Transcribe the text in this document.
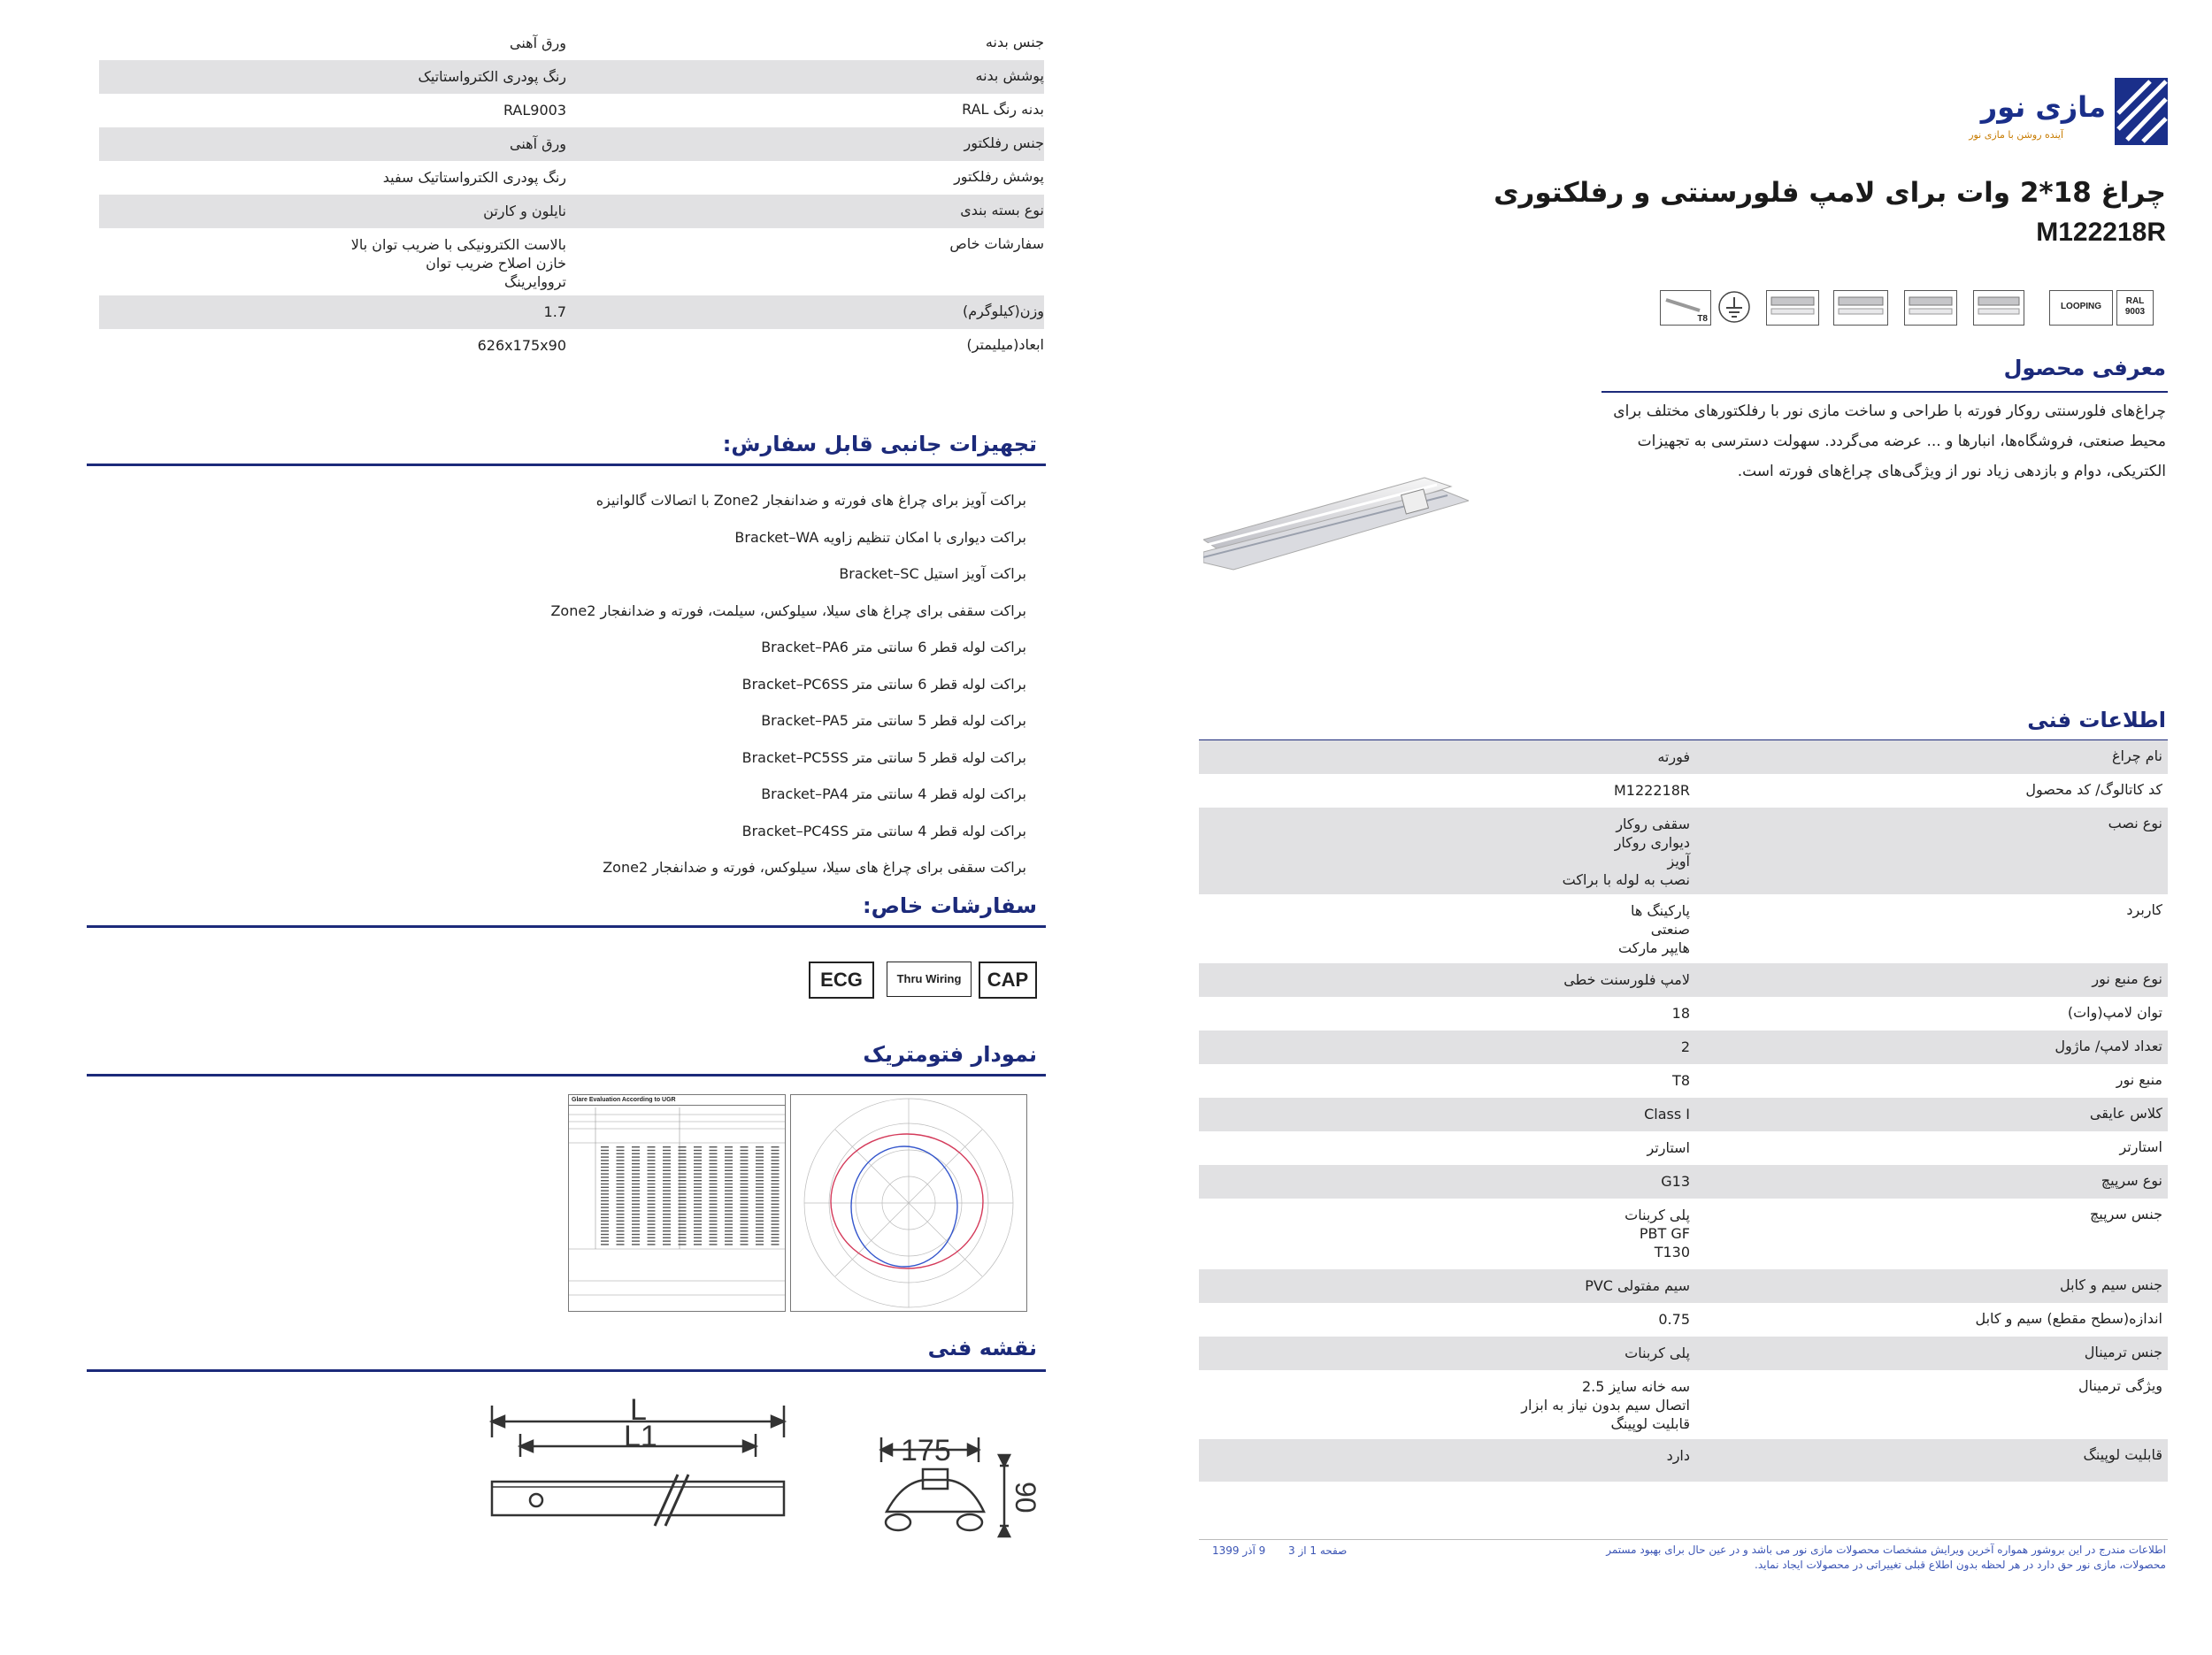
جنس بدنه
ورق آهنی
پوشش بدنه
رنگ پودری الکترواستاتیک
بدنه رنگ RAL
RAL9003
جنس رفلکتور
ورق آهنی
پوشش رفلکتور
رنگ پودری الکترواستاتیک سفید
نوع بسته بندی
نایلون و کارتن
سفارشات خاص
بالاست الکترونیکی با ضریب توان بالا
خازن اصلاح ضریب توان
ترووایرینگ
وزن(کیلوگرم)
1.7
ابعاد(میلیمتر)
626x175x90
تجهیزات جانبی قابل سفارش:
براکت آویز برای چراغ های فورته و ضدانفجار Zone2 با اتصالات گالوانیزه
براکت دیواری با امکان تنظیم زاویه Bracket–WA
براکت آویز استیل Bracket–SC
براکت سقفی برای چراغ های سیلا، سیلوکس، سیلمت، فورته و ضدانفجار Zone2
براکت لوله قطر 6 سانتی متر Bracket–PA6
براکت لوله قطر 6 سانتی متر Bracket–PC6SS
براکت لوله قطر 5 سانتی متر Bracket–PA5
براکت لوله قطر 5 سانتی متر Bracket–PC5SS
براکت لوله قطر 4 سانتی متر Bracket–PA4
براکت لوله قطر 4 سانتی متر Bracket–PC4SS
براکت سقفی برای چراغ های سیلا، سیلوکس، فورته و ضدانفجار Zone2
سفارشات خاص:
CAP
Thru Wiring
ECG
نمودار فتومتریک
Glare Evaluation According to UGR
نقشه فنی
L
L1	175
90
مازی نور
آینده روشن با مازی نور
چراغ 18*2 وات برای لامپ فلورسنتی و رفلکتوری
M122218R
RAL
9003
LOOPING
T8
معرفی محصول
چراغ‌های فلورسنتی روکار فورته با طراحی و ساخت مازی نور با رفلکتورهای مختلف برای
محیط صنعتی، فروشگاه‌ها، انبارها و ... عرضه می‌گردد. سهولت دسترسی به تجهیزات
الکتریکی، دوام و بازدهی زیاد نور از ویژگی‌های چراغ‌های فورته است.
اطلاعات فنی
نام چراغ
فورته
کد کاتالوگ/ کد محصول
M122218R
نوع نصب
سقفی روکار
دیواری روکار
آویز
نصب به لوله با براکت
کاربرد
پارکینگ ها
صنعتی
هایپر مارکت
نوع منبع نور
لامپ فلورسنت خطی
توان لامپ(وات)
18
تعداد لامپ/ ماژول
2
منبع نور
T8
کلاس عایقی
Class I
استارتر
استارتر
نوع سرپیچ
G13
جنس سرپیچ
پلی کربنات
PBT GF
T130
جنس سیم و کابل
سیم مفتولی PVC
اندازه(سطح مقطع) سیم و کابل
0.75
جنس ترمینال
پلی کربنات
ویژگی ترمینال
سه خانه سایز 2.5
اتصال سیم بدون نیاز به ابزار
قابلیت لوپینگ
قابلیت لوپینگ
دارد
اطلاعات مندرج در این بروشور همواره آخرین ویرایش مشخصات محصولات مازی نور می باشد و در عین حال برای بهبود مستمر محصولات، مازی نور حق دارد در هر لحظه بدون اطلاع قبلی تغییراتی در محصولات ایجاد نماید.
صفحه 1 از 3
9 آذر 1399
